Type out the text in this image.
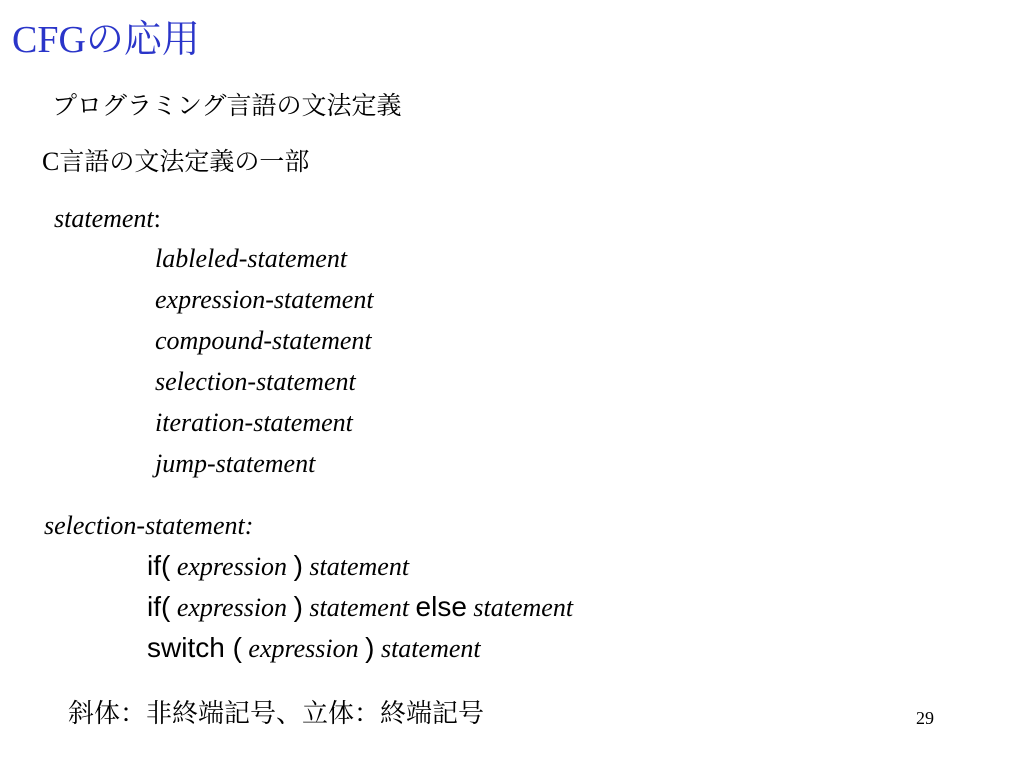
CFGの応用
プログラミング言語の文法定義
C言語の文法定義の一部
statement:
lableled-statement
expression-statement
compound-statement
selection-statement
iteration-statement
jump-statement
selection-statement:
if( expression ) statement
if( expression ) statement else statement
switch ( expression ) statement
斜体：非終端記号、立体：終端記号	29
